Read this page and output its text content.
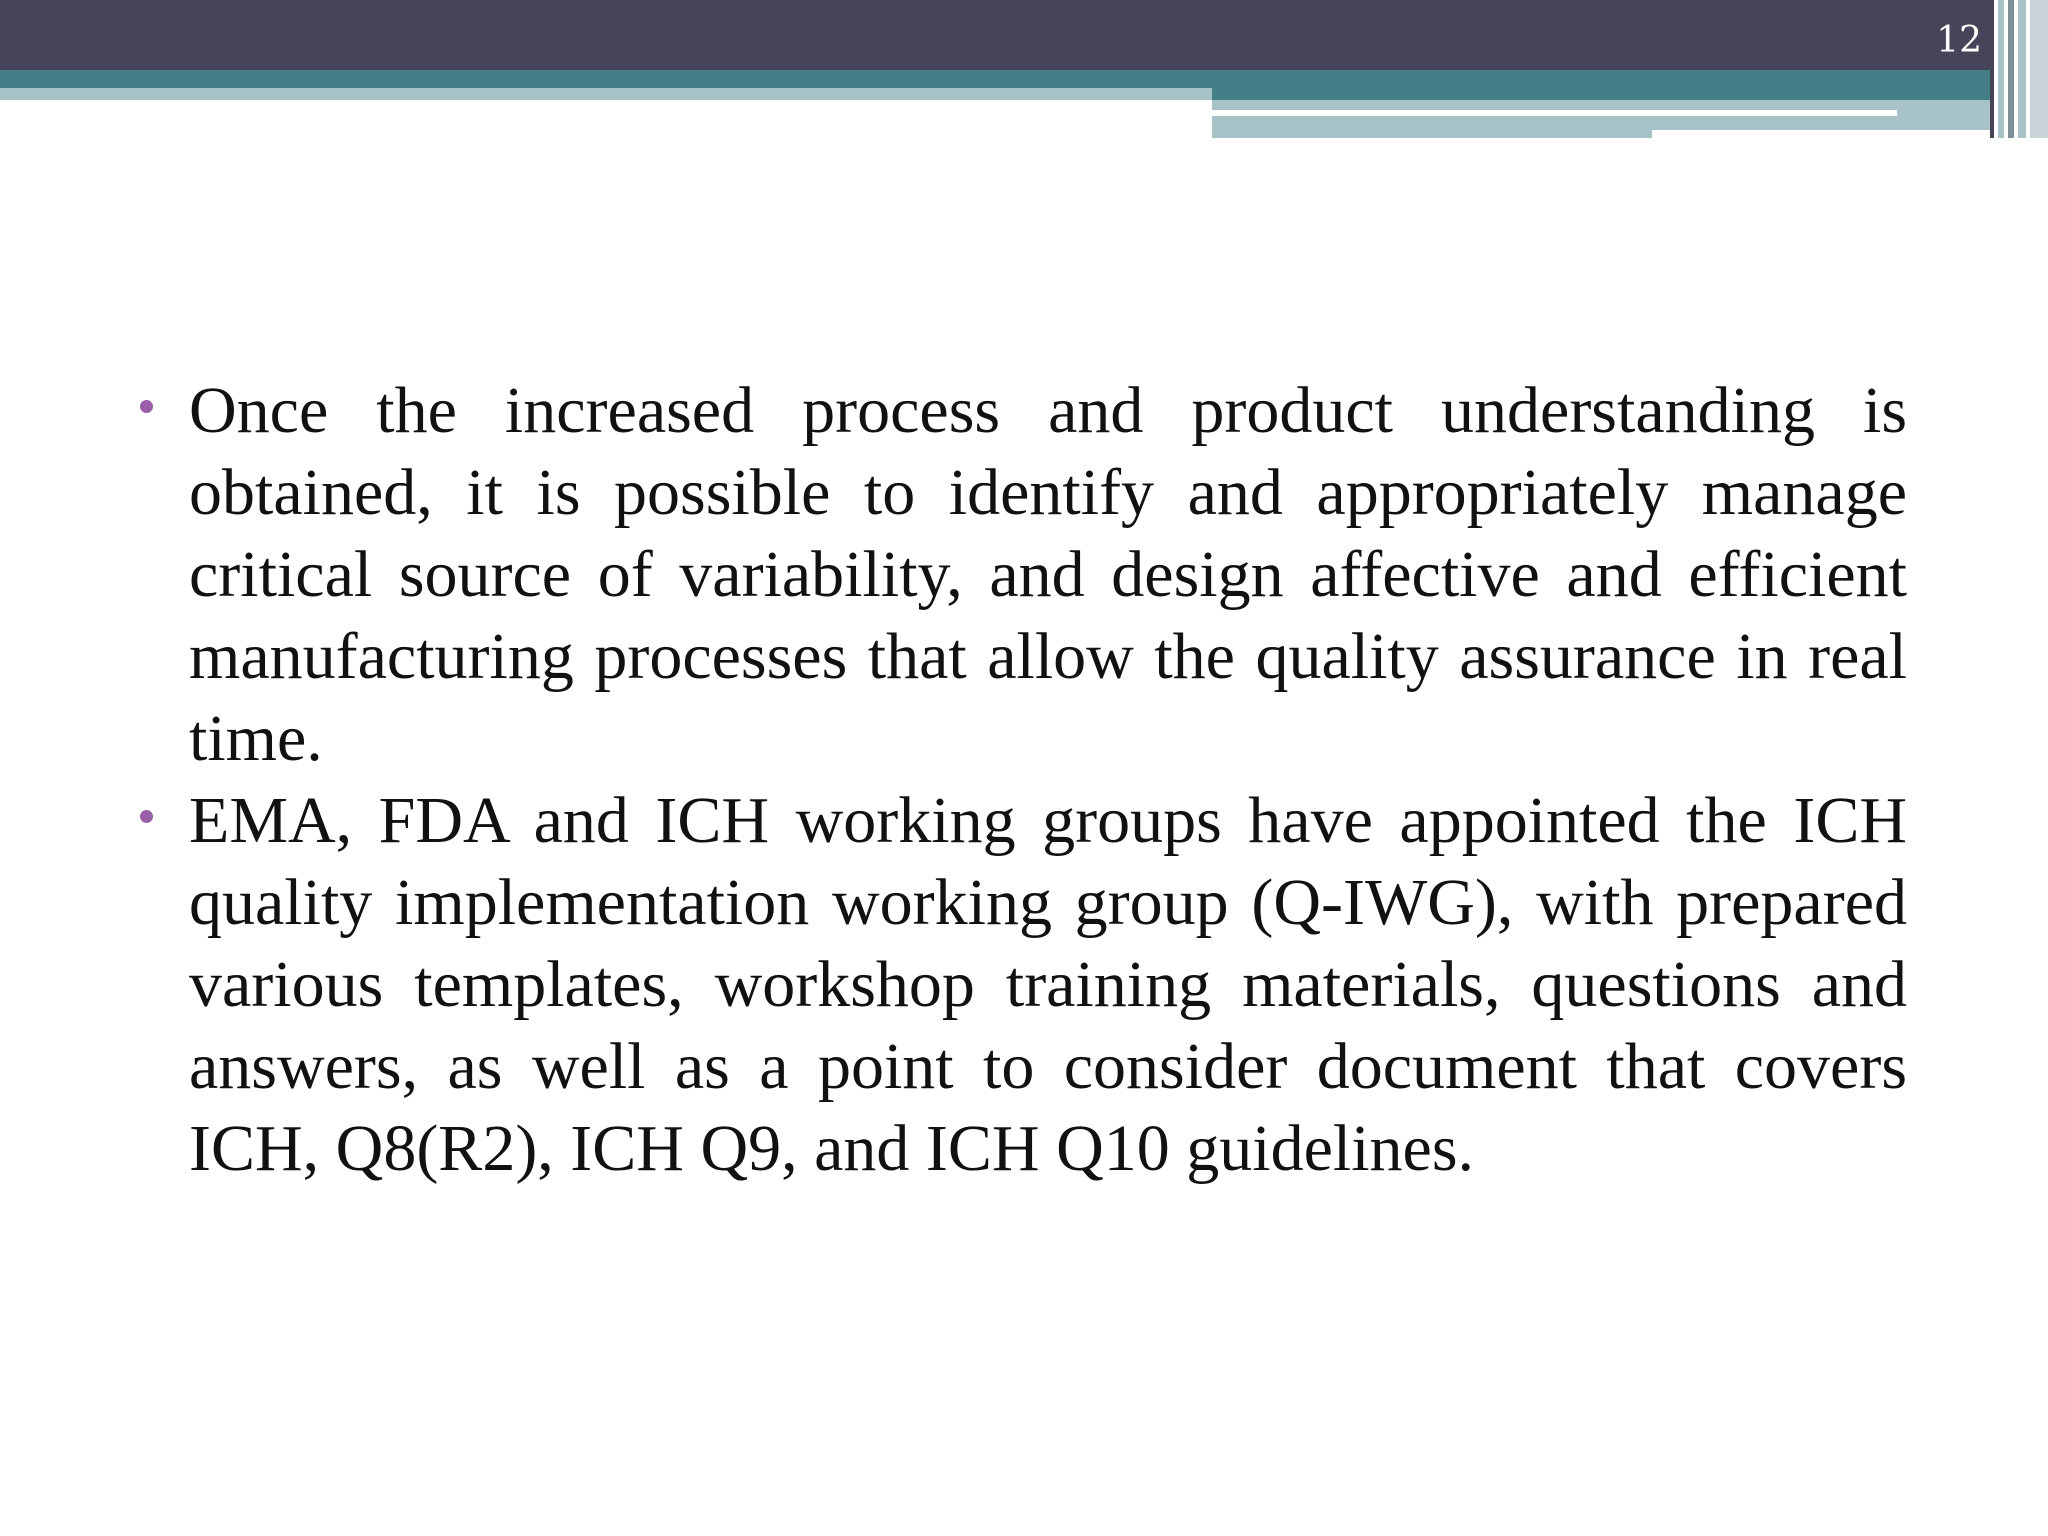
12

Once the increased process and product understanding is obtained, it is possible to identify and appropriately manage critical source of variability, and design affective and efficient manufacturing processes that allow the quality assurance in real time.

EMA, FDA and ICH working groups have appointed the ICH quality implementation working group (Q-IWG), with prepared various templates, workshop training materials, questions and answers, as well as a point to consider document that covers ICH, Q8(R2), ICH Q9, and ICH Q10 guidelines.
